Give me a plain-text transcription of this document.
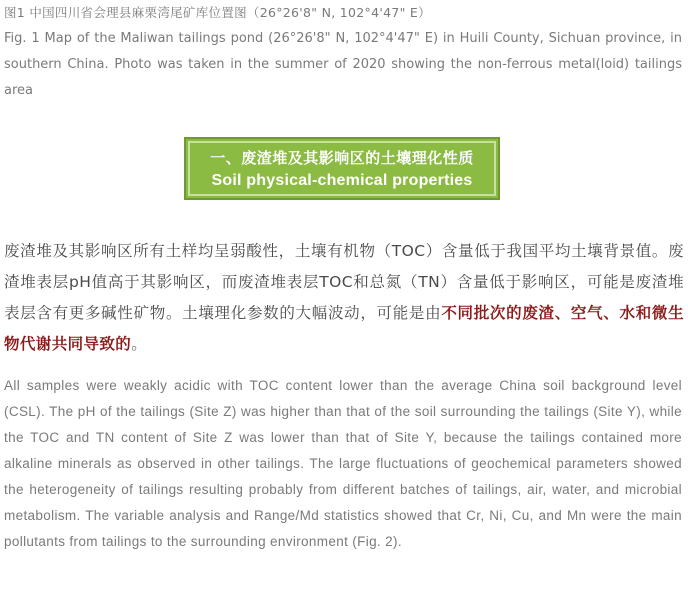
图1 中国四川省会理县麻栗湾尾矿库位置图（26°26'8" N, 102°4'47" E）
Fig. 1 Map of the Maliwan tailings pond (26°26'8" N, 102°4'47" E) in Huili County, Sichuan province, in southern China. Photo was taken in the summer of 2020 showing the non-ferrous metal(loid) tailings area
一、废渣堆及其影响区的土壤理化性质
Soil physical-chemical properties
废渣堆及其影响区所有土样均呈弱酸性，土壤有机物（TOC）含量低于我国平均土壤背景值。废渣堆表层pH值高于其影响区，而废渣堆表层TOC和总氮（TN）含量低于影响区，可能是废渣堆表层含有更多碱性矿物。土壤理化参数的大幅波动，可能是由不同批次的废渣、空气、水和微生物代谢共同导致的。
All samples were weakly acidic with TOC content lower than the average China soil background level (CSL). The pH of the tailings (Site Z) was higher than that of the soil surrounding the tailings (Site Y), while the TOC and TN content of Site Z was lower than that of Site Y, because the tailings contained more alkaline minerals as observed in other tailings. The large fluctuations of geochemical parameters showed the heterogeneity of tailings resulting probably from different batches of tailings, air, water, and microbial metabolism. The variable analysis and Range/Md statistics showed that Cr, Ni, Cu, and Mn were the main pollutants from tailings to the surrounding environment (Fig. 2).
